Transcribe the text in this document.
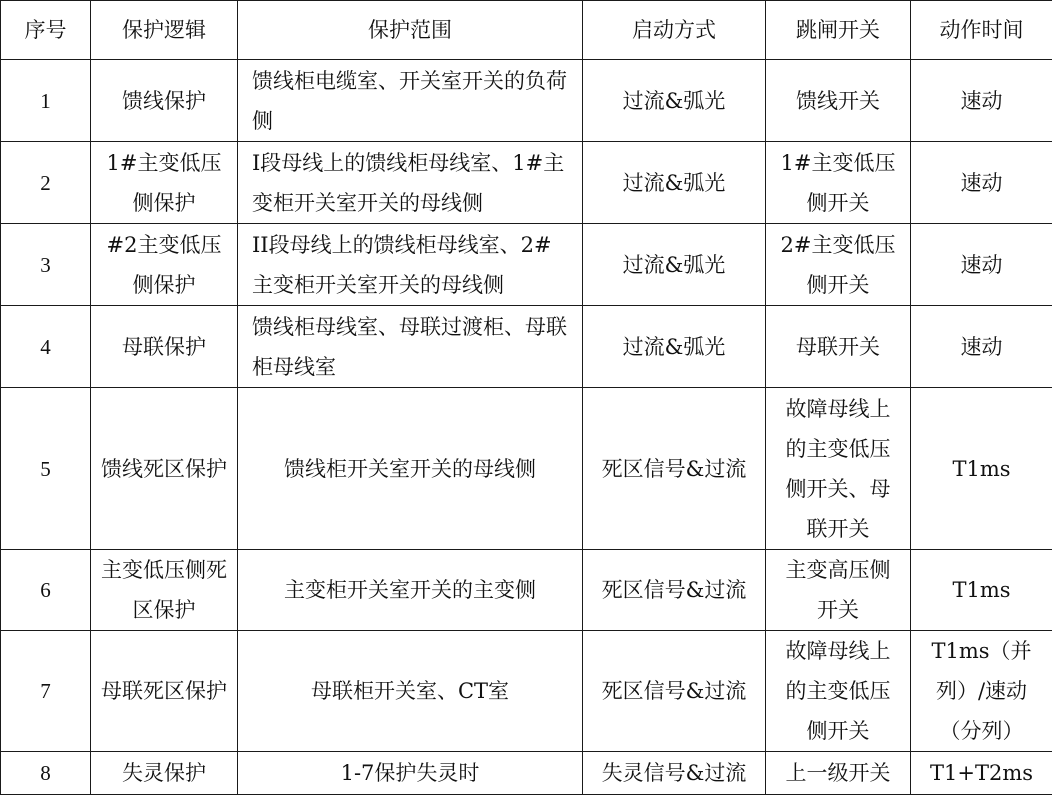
序号	保护逻辑	保护范围	启动方式	跳闸开关	动作时间
1	馈线保护	馈线柜电缆室、开关室开关的负荷侧	过流&弧光	馈线开关	速动
2	1#主变低压侧保护	I段母线上的馈线柜母线室、1#主变柜开关室开关的母线侧	过流&弧光	1#主变低压侧开关	速动
3	#2主变低压侧保护	II段母线上的馈线柜母线室、2#主变柜开关室开关的母线侧	过流&弧光	2#主变低压侧开关	速动
4	母联保护	馈线柜母线室、母联过渡柜、母联柜母线室	过流&弧光	母联开关	速动
5	馈线死区保护	馈线柜开关室开关的母线侧	死区信号&过流	故障母线上的主变低压侧开关、母联开关	T1ms
6	主变低压侧死区保护	主变柜开关室开关的主变侧	死区信号&过流	主变高压侧开关	T1ms
7	母联死区保护	母联柜开关室、CT室	死区信号&过流	故障母线上的主变低压侧开关	T1ms（并列）/速动（分列）
8	失灵保护	1-7保护失灵时	失灵信号&过流	上一级开关	T1+T2ms
